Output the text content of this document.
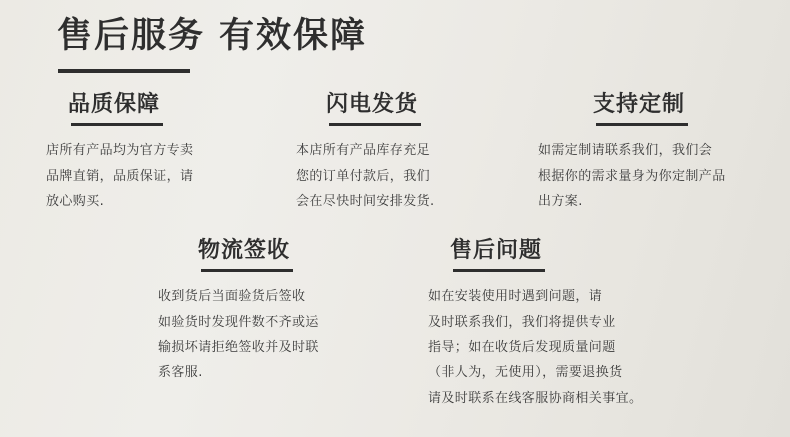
售后服务 有效保障
品质保障
店所有产品均为官方专卖
品牌直销，品质保证，请
放心购买.
闪电发货
本店所有产品库存充足
您的订单付款后，我们
会在尽快时间安排发货.
支持定制
如需定制请联系我们，我们会
根据你的需求量身为你定制产品
出方案.
物流签收
收到货后当面验货后签收
如验货时发现件数不齐或运
输损坏请拒绝签收并及时联
系客服.
售后问题
如在安装使用时遇到问题，请
及时联系我们，我们将提供专业
指导；如在收货后发现质量问题
（非人为，无使用），需要退换货
请及时联系在线客服协商相关事宜。
